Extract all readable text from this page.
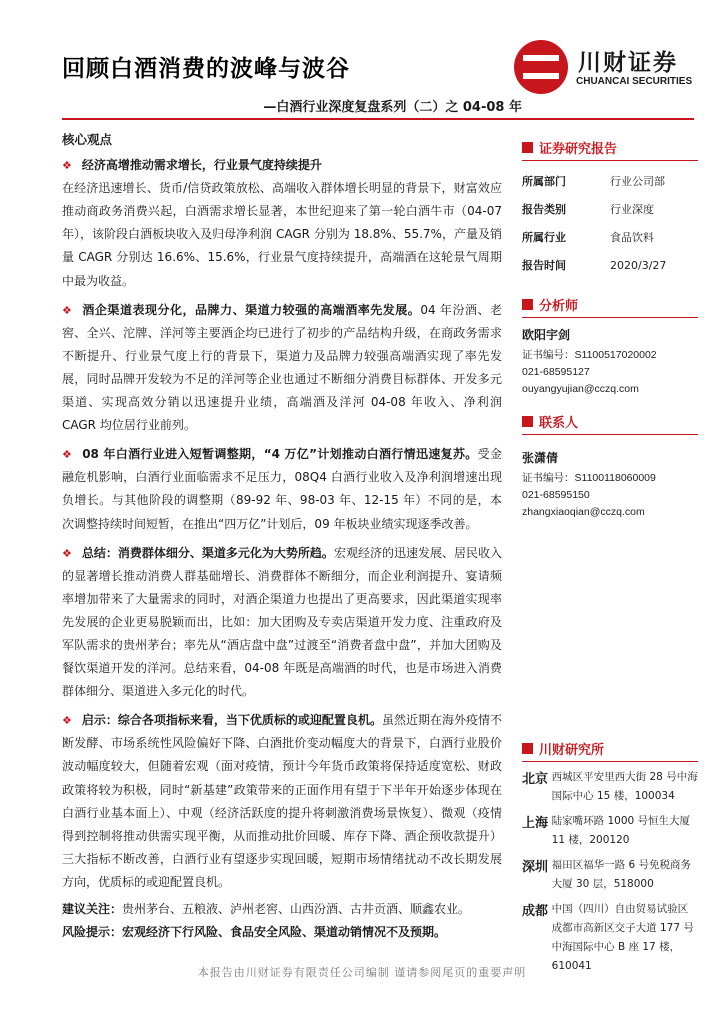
回顾白酒消费的波峰与波谷
—白酒行业深度复盘系列（二）之 04-08 年
川财证券
CHUANCAI SECURITIES
核心观点
❖ 经济高增推动需求增长，行业景气度持续提升
在经济迅速增长、货币/信贷政策放松、高端收入群体增长明显的背景下，财富效应推动商政务消费兴起，白酒需求增长显著，本世纪迎来了第一轮白酒牛市（04-07 年），该阶段白酒板块收入及归母净利润 CAGR 分别为 18.8%、55.7%，产量及销量 CAGR 分别达 16.6%、15.6%，行业景气度持续提升，高端酒在这轮景气周期中最为收益。
❖ 酒企渠道表现分化，品牌力、渠道力较强的高端酒率先发展。04 年汾酒、老窖、全兴、沱牌、洋河等主要酒企均已进行了初步的产品结构升级，在商政务需求不断提升、行业景气度上行的背景下，渠道力及品牌力较强高端酒实现了率先发展，同时品牌开发较为不足的洋河等企业也通过不断细分消费目标群体、开发多元渠道、实现高效分销以迅速提升业绩，高端酒及洋河 04-08 年收入、净利润 CAGR 均位居行业前列。
❖ 08 年白酒行业进入短暂调整期，“4 万亿”计划推动白酒行情迅速复苏。受金融危机影响，白酒行业面临需求不足压力，08Q4 白酒行业收入及净利润增速出现负增长。与其他阶段的调整期（89-92 年、98-03 年、12-15 年）不同的是，本次调整持续时间短暂，在推出“四万亿”计划后，09 年板块业绩实现逐季改善。
❖ 总结：消费群体细分、渠道多元化为大势所趋。宏观经济的迅速发展、居民收入的显著增长推动消费人群基础增长、消费群体不断细分，而企业利润提升、宴请频率增加带来了大量需求的同时，对酒企渠道力也提出了更高要求，因此渠道实现率先发展的企业更易脱颖而出，比如：加大团购及专卖店渠道开发力度、注重政府及军队需求的贵州茅台；率先从“酒店盘中盘”过渡至“消费者盘中盘”，并加大团购及餐饮渠道开发的洋河。总结来看，04-08 年既是高端酒的时代，也是市场进入消费群体细分、渠道进入多元化的时代。
❖ 启示：综合各项指标来看，当下优质标的或迎配置良机。虽然近期在海外疫情不断发酵、市场系统性风险偏好下降、白酒批价变动幅度大的背景下，白酒行业股价波动幅度较大，但随着宏观（面对疫情，预计今年货币政策将保持适度宽松、财政政策将较为积极，同时“新基建”政策带来的正面作用有望于下半年开始逐步体现在白酒行业基本面上）、中观（经济活跃度的提升将刺激消费场景恢复）、微观（疫情得到控制将推动供需实现平衡，从而推动批价回暖、库存下降、酒企预收款提升）三大指标不断改善，白酒行业有望逐步实现回暖，短期市场情绪扰动不改长期发展方向，优质标的或迎配置良机。
建议关注：贵州茅台、五粮液、泸州老窖、山西汾酒、古井贡酒、顺鑫农业。
风险提示：宏观经济下行风险、食品安全风险、渠道动销情况不及预期。
证券研究报告
所属部门	行业公司部
报告类别	行业深度
所属行业	食品饮料
报告时间	2020/3/27
分析师
欧阳宇剑
证书编号：S1100517020002
021-68595127
ouyangyujian@cczq.com
联系人
张潇倩
证书编号：S1100118060009
021-68595150
zhangxiaoqian@cczq.com
川财研究所
北京 西城区平安里西大街 28 号中海国际中心 15 楼，100034
上海 陆家嘴环路 1000 号恒生大厦 11 楼，200120
深圳 福田区福华一路 6 号免税商务大厦 30 层，518000
成都 中国（四川）自由贸易试验区成都市高新区交子大道 177 号中海国际中心 B 座 17 楼，610041
本报告由川财证券有限责任公司编制 谨请参阅尾页的重要声明
